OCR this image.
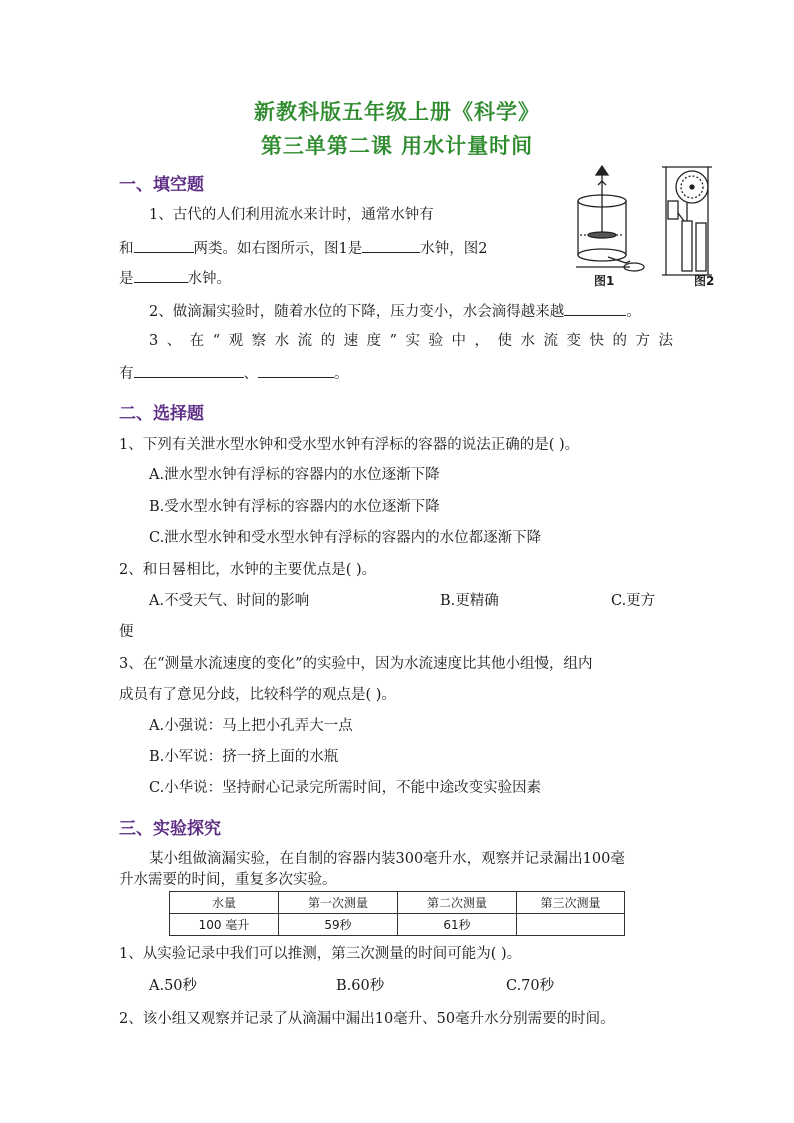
新教科版五年级上册《科学》
第三单第二课 用水计量时间
一、填空题
1、古代的人们利用流水来计时，通常水钟有
和	两类。如右图所示，图1是	水钟，图2
是	水钟。
2、做滴漏实验时，随着水位的下降，压力变小，水会滴得越来越	。
3、在“观察水流的速度”实验中，使水流变快的方法
有	、	。
图1	图2
二、选择题
1、下列有关泄水型水钟和受水型水钟有浮标的容器的说法正确的是( )。
A.泄水型水钟有浮标的容器内的水位逐渐下降
B.受水型水钟有浮标的容器内的水位逐渐下降
C.泄水型水钟和受水型水钟有浮标的容器内的水位都逐渐下降
2、和日晷相比，水钟的主要优点是( )。
A.不受天气、时间的影响	B.更精确	C.更方
便
3、在“测量水流速度的变化”的实验中，因为水流速度比其他小组慢，组内
成员有了意见分歧，比较科学的观点是( )。
A.小强说：马上把小孔弄大一点
B.小军说：挤一挤上面的水瓶
C.小华说：坚持耐心记录完所需时间，不能中途改变实验因素
三、实验探究
某小组做滴漏实验，在自制的容器内装300毫升水，观察并记录漏出100毫
升水需要的时间，重复多次实验。
水量	第一次测量	第二次测量	第三次测量
100 毫升	59秒	61秒	
1、从实验记录中我们可以推测，第三次测量的时间可能为( )。
A.50秒	B.60秒	C.70秒
2、该小组又观察并记录了从滴漏中漏出10毫升、50毫升水分别需要的时间。
